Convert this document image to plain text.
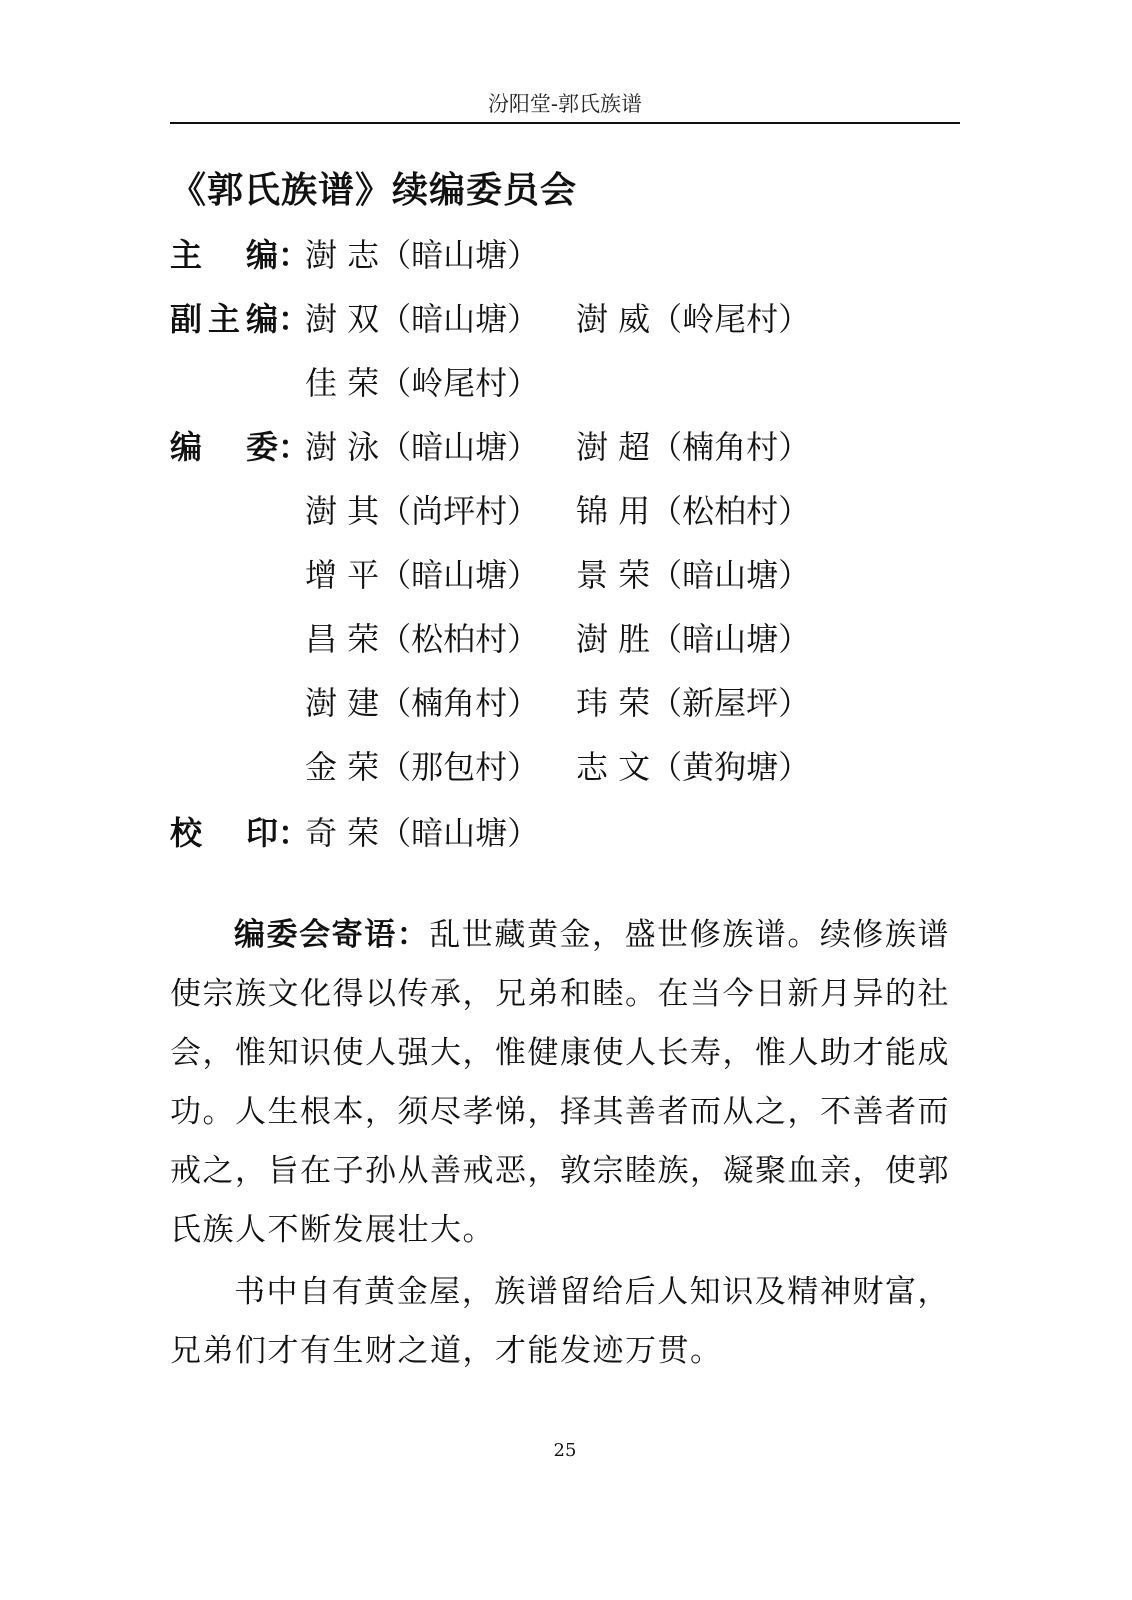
汾阳堂-郭氏族谱
《郭氏族谱》续编委员会
主 编 ：
澍 志（暗山塘）
副 主 编 ：
澍 双（暗山塘） 澍 威（岭尾村）
佳 荣（岭尾村）
编 委 ：
澍 泳（暗山塘） 澍 超（楠角村）
澍 其（尚坪村） 锦 用（松柏村）
增 平（暗山塘） 景 荣（暗山塘）
昌 荣（松柏村） 澍 胜（暗山塘）
澍 建（楠角村） 玮 荣（新屋坪）
金 荣（那包村） 志 文（黄狗塘）
校 印 ：
奇 荣（暗山塘）
编委会寄语：乱世藏黄金，盛世修族谱。续修族谱使宗族文化得以传承，兄弟和睦。在当今日新月异的社会，惟知识使人强大，惟健康使人长寿，惟人助才能成功。人生根本，须尽孝悌，择其善者而从之，不善者而戒之，旨在子孙从善戒恶，敦宗睦族，凝聚血亲，使郭氏族人不断发展壮大。
书中自有黄金屋，族谱留给后人知识及精神财富，兄弟们才有生财之道，才能发迹万贯。
25
